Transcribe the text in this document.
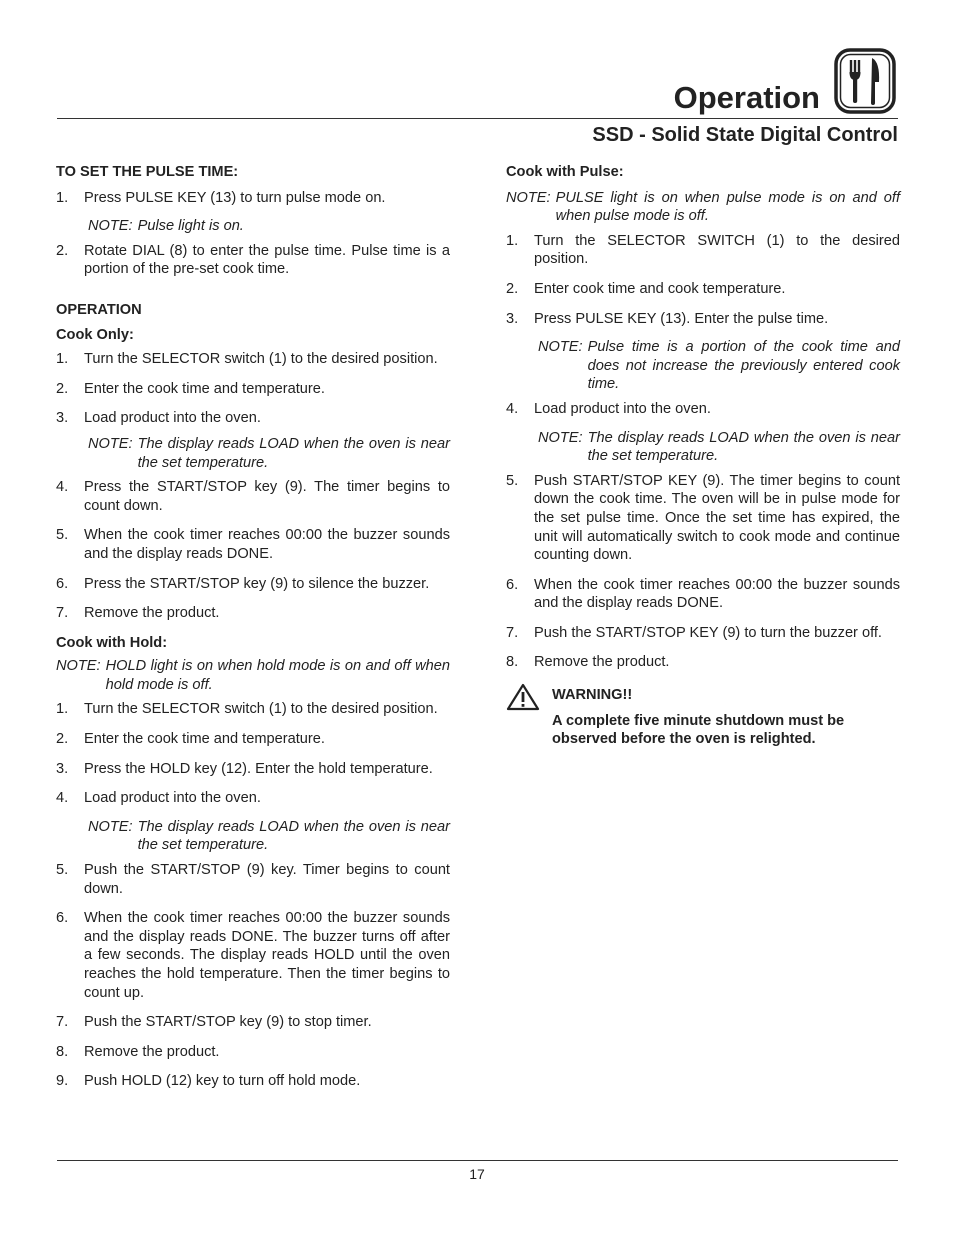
Operation
SSD - Solid State Digital Control
TO SET THE PULSE TIME:
1. Press PULSE KEY (13) to turn pulse mode on.
NOTE: Pulse light is on.
2. Rotate DIAL (8) to enter the pulse time. Pulse time is a portion of the pre-set cook time.
OPERATION
Cook Only:
1. Turn the SELECTOR switch (1) to the desired position.
2. Enter the cook time and temperature.
3. Load product into the oven.
NOTE: The display reads LOAD when the oven is near the set temperature.
4. Press the START/STOP key (9). The timer begins to count down.
5. When the cook timer reaches 00:00 the buzzer sounds and the display reads DONE.
6. Press the START/STOP key (9) to silence the buzzer.
7. Remove the product.
Cook with Hold:
NOTE: HOLD light is on when hold mode is on and off when hold mode is off.
1. Turn the SELECTOR switch (1) to the desired position.
2. Enter the cook time and temperature.
3. Press the HOLD key (12). Enter the hold temperature.
4. Load product into the oven.
NOTE: The display reads LOAD when the oven is near the set temperature.
5. Push the START/STOP (9) key. Timer begins to count down.
6. When the cook timer reaches 00:00 the buzzer sounds and the display reads DONE. The buzzer turns off after a few seconds. The display reads HOLD until the oven reaches the hold temperature. Then the timer begins to count up.
7. Push the START/STOP key (9) to stop timer.
8. Remove the product.
9. Push HOLD (12) key to turn off hold mode.
Cook with Pulse:
NOTE: PULSE light is on when pulse mode is on and off when pulse mode is off.
1. Turn the SELECTOR SWITCH (1) to the desired position.
2. Enter cook time and cook temperature.
3. Press PULSE KEY (13). Enter the pulse time.
NOTE: Pulse time is a portion of the cook time and does not increase the previously entered cook time.
4. Load product into the oven.
NOTE: The display reads LOAD when the oven is near the set temperature.
5. Push START/STOP KEY (9). The timer begins to count down the cook time. The oven will be in pulse mode for the set pulse time. Once the set time has expired, the unit will automatically switch to cook mode and continue counting down.
6. When the cook timer reaches 00:00 the buzzer sounds and the display reads DONE.
7. Push the START/STOP KEY (9) to turn the buzzer off.
8. Remove the product.
WARNING!!
A complete five minute shutdown must be observed before the oven is relighted.
17
